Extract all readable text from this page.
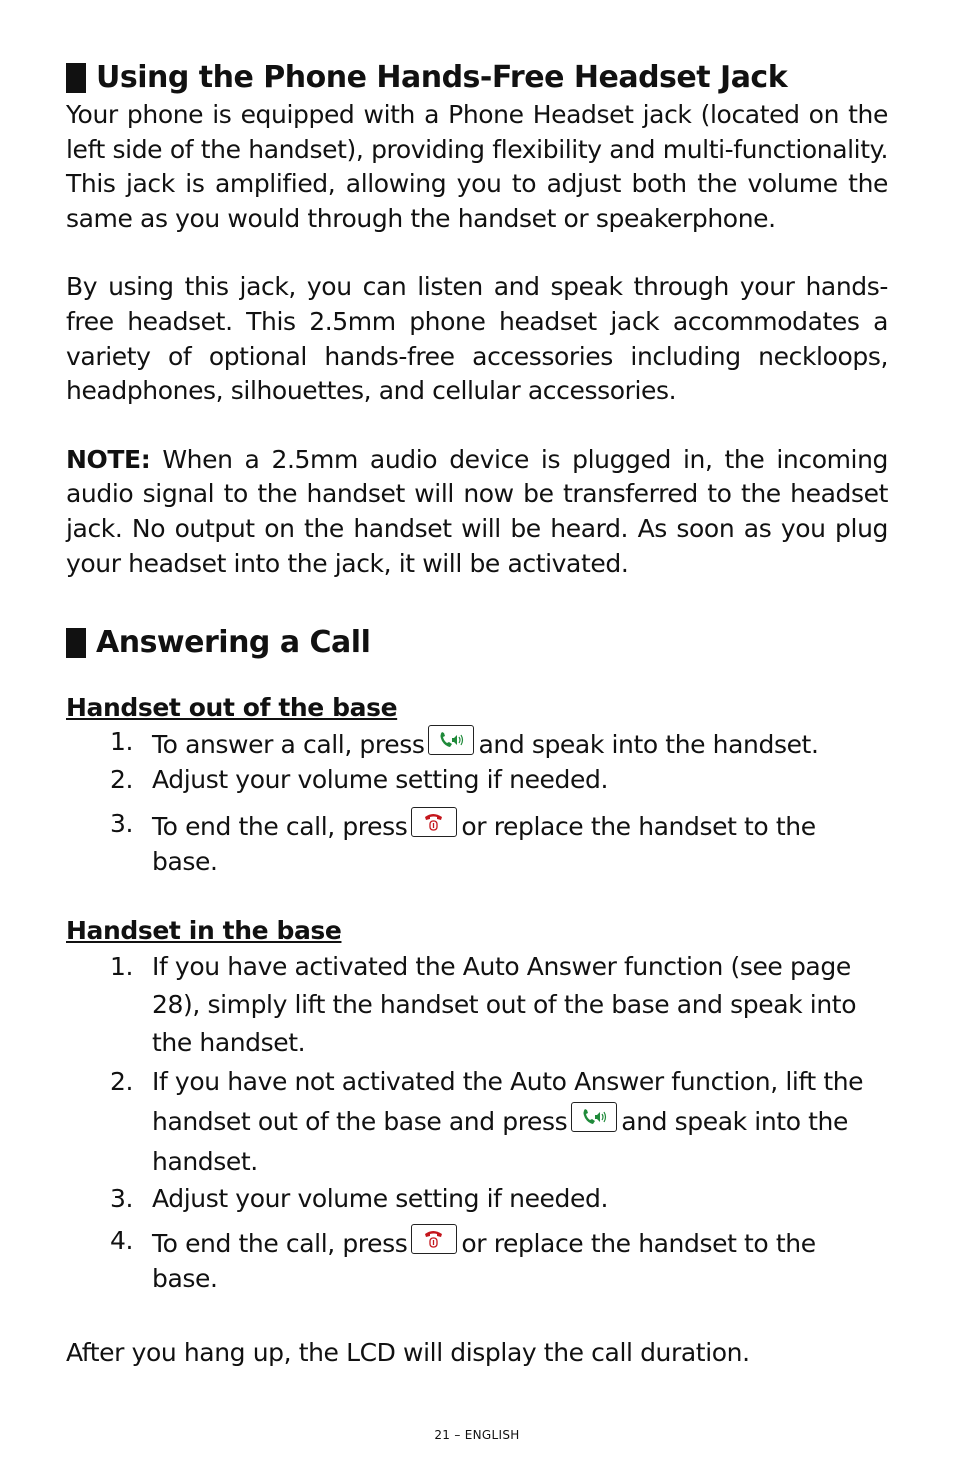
Using the Phone Hands-Free Headset Jack

Your phone is equipped with a Phone Headset jack (located on the left side of the handset), providing flexibility and multi-functionality. This jack is amplified, allowing you to adjust both the volume the same as you would through the handset or speakerphone.

By using this jack, you can listen and speak through your hands-free headset. This 2.5mm phone headset jack accommodates a variety of optional hands-free accessories including neckloops, headphones, silhouettes, and cellular accessories.

NOTE: When a 2.5mm audio device is plugged in, the incoming audio signal to the handset will now be transferred to the headset jack. No output on the handset will be heard. As soon as you plug your headset into the jack, it will be activated.

Answering a Call
Handset out of the base
1. To answer a call, press and speak into the handset.
2. Adjust your volume setting if needed.
3. To end the call, press or replace the handset to the base.
Handset in the base
1. If you have activated the Auto Answer function (see page 28), simply lift the handset out of the base and speak into the handset.
2. If you have not activated the Auto Answer function, lift the handset out of the base and press and speak into the handset.
3. Adjust your volume setting if needed.
4. To end the call, press or replace the handset to the base.

After you hang up, the LCD will display the call duration.

21 – ENGLISH
